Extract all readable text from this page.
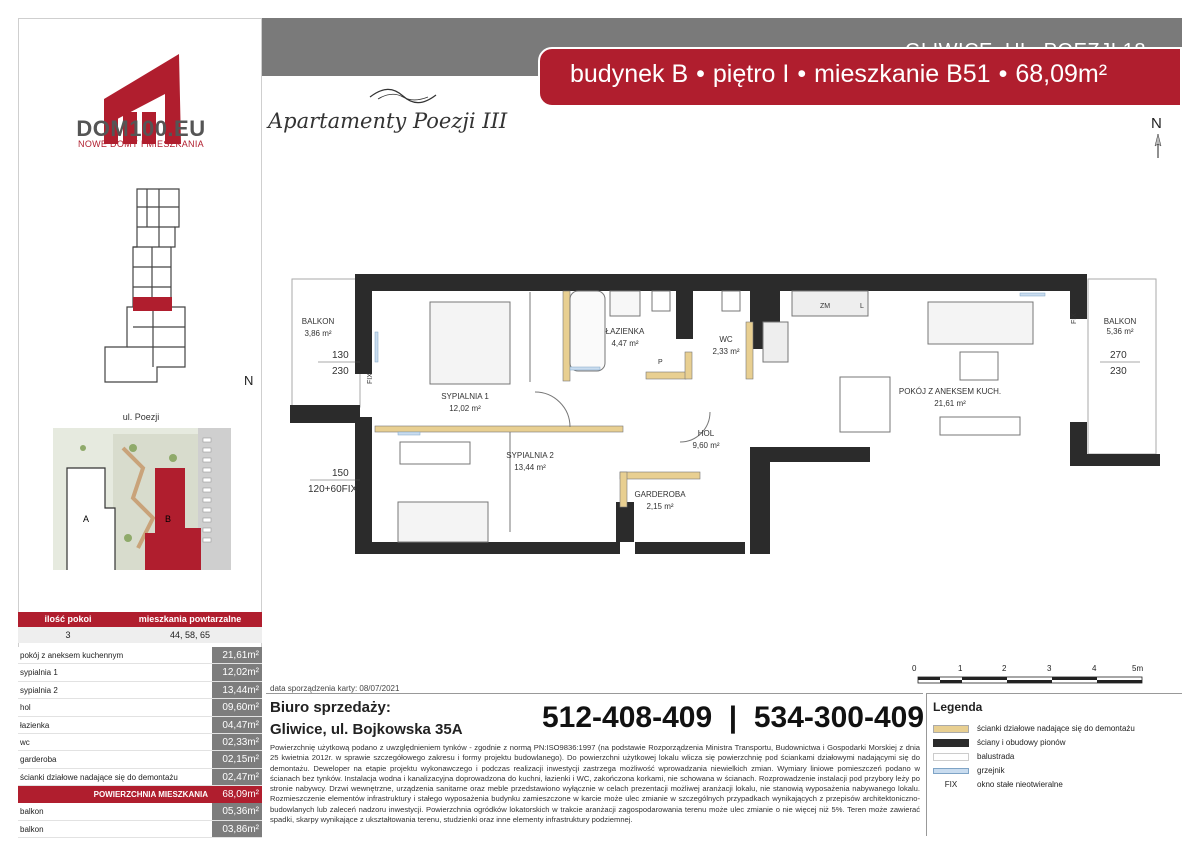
DOM100.EU
NOWE DOMY I MIESZKANIA
N
ul. Poezji
A	B
ilość pokoi	mieszkania powtarzalne
3	44, 58, 65
pokój z aneksem kuchennym	21,61m²
sypialnia 1	12,02m²
sypialnia 2	13,44m²
hol	09,60m²
łazienka	04,47m²
wc	02,33m²
garderoba	02,15m²
ścianki działowe nadające się do demontażu	02,47m²
POWIERZCHNIA MIESZKANIA	68,09m²
balkon	05,36m²
balkon	03,86m²
budynek B • piętro I • mieszkanie B51 • 68,09m²
Apartamenty Poezji III	N
BALKON
3,86 m²
SYPIALNIA 1
12,02 m²
ŁAZIENKA
4,47 m²	WC
2,33 m²
POKÓJ Z ANEKSEM KUCH.
21,61 m²
BALKON
5,36 m²
HOL
9,60 m²
SYPIALNIA 2
13,44 m²
GARDEROBA
2,15 m²
130
230
150
120+60FIX
270
230
FIX
FIX
ZM	L
P
0	1	2	3	4	5m
data sporządzenia karty: 08/07/2021
Biuro sprzedaży:
Gliwice, ul. Bojkowska 35A	512-408-409  |  534-300-409
Powierzchnię użytkową podano z uwzględnieniem tynków - zgodnie z normą PN:ISO9836:1997 (na podstawie Rozporządzenia Ministra Transportu, Budownictwa i Gospodarki Morskiej z dnia 25 kwietnia 2012r. w sprawie szczegółowego zakresu i formy projektu budowlanego). Do powierzchni użytkowej lokalu wlicza się powierzchnię pod ściankami działowymi nadającymi się do demontażu. Deweloper na etapie projektu wykonawczego i podczas realizacji inwestycji zastrzega możliwość wprowadzania niewielkich zmian. Wymiary liniowe pomieszczeń podano w ścianach bez tynków. Instalacja wodna i kanalizacyjna doprowadzona do kuchni, łazienki i WC, zakończona korkami, nie schowana w ścianach. Rozprowadzenie instalacji pod przybory leży po stronie nabywcy. Drzwi wewnętrzne, urządzenia sanitarne oraz meble przedstawiono wyłącznie w celach prezentacji możliwej aranżacji lokalu, nie stanowią wyposażenia nabywanego lokalu. Rozmieszczenie elementów infrastruktury i stałego wyposażenia budynku zamieszczone w karcie może ulec zmianie w szczególnych przypadkach wynikających z przepisów architektoniczno-budowlanych lub zaleceń nadzoru inwestycji. Powierzchnia ogródków lokatorskich w trakcie aranżacji zagospodarowania terenu może ulec zmianie o nie więcej niż 5%. Teren może zawierać spadki, skarpy wynikające z ukształtowania terenu, studzienki oraz inne elementy infrastruktury podziemnej.
Legenda
ścianki działowe nadające się do demontażu
ściany i obudowy pionów
balustrada
grzejnik
FIX	okno stałe nieotwieralne
